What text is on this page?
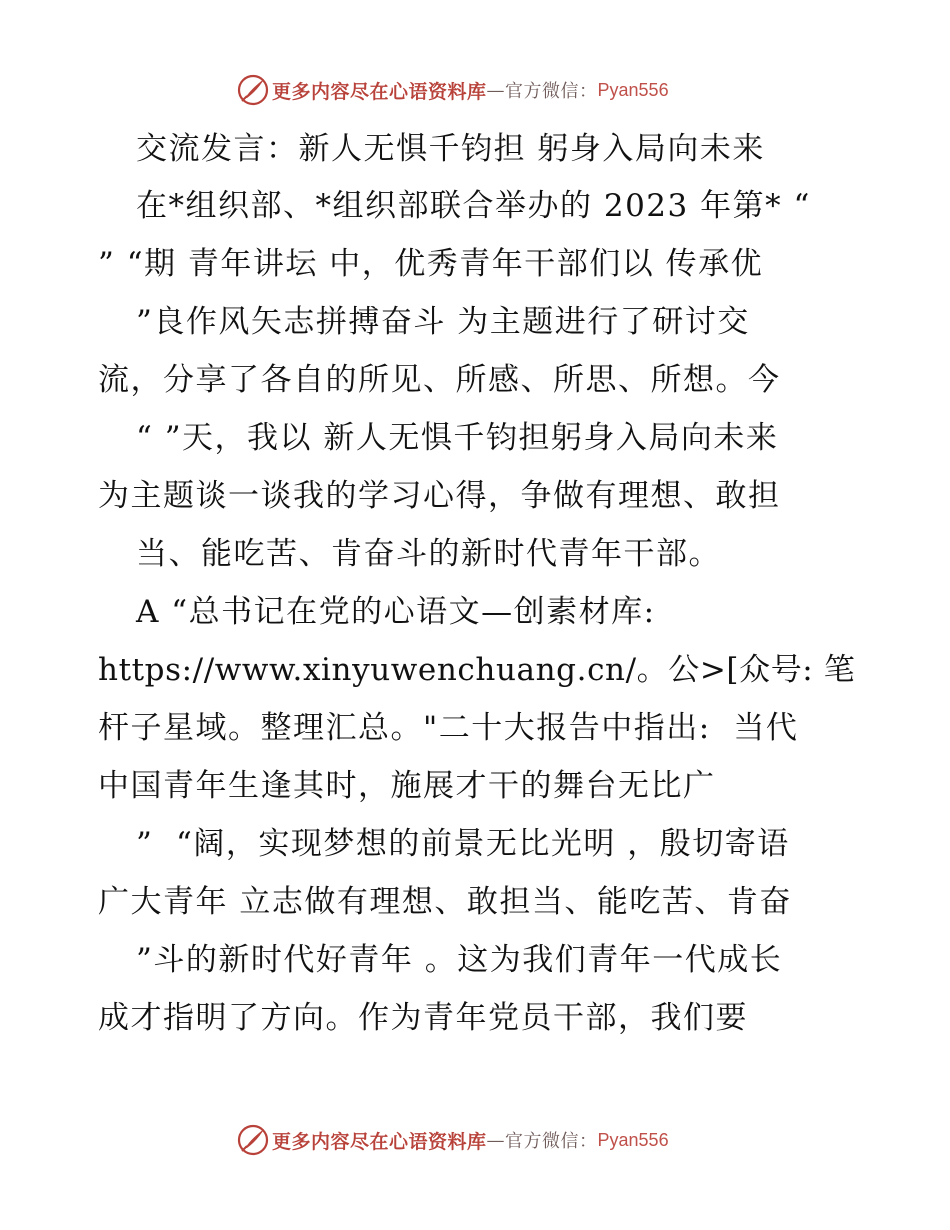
更多内容尽在心语资料库 — 官方微信： Pyan556
交流发言：新人无惧千钧担 躬身入局向未来
在*组织部、*组织部联合举办的 2023 年第* “
” “期 青年讲坛 中，优秀青年干部们以 传承优
”良作风矢志拼搏奋斗 为主题进行了研讨交
流，分享了各自的所见、所感、所思、所想。今
“ ”天，我以 新人无惧千钧担躬身入局向未来
为主题谈一谈我的学习心得，争做有理想、敢担
当、能吃苦、肯奋斗的新时代青年干部。
A “总书记在党的心语文—创素材库:
https://www.xinyuwenchuang.cn/。公>[众号: 笔
杆子星域。整理汇总。"二十大报告中指出:  当代
中国青年生逢其时，施展才干的舞台无比广
”  “阔，实现梦想的前景无比光明 ，殷切寄语
广大青年 立志做有理想、敢担当、能吃苦、肯奋
”斗的新时代好青年 。这为我们青年一代成长
成才指明了方向。作为青年党员干部，我们要
更多内容尽在心语资料库 — 官方微信： Pyan556
